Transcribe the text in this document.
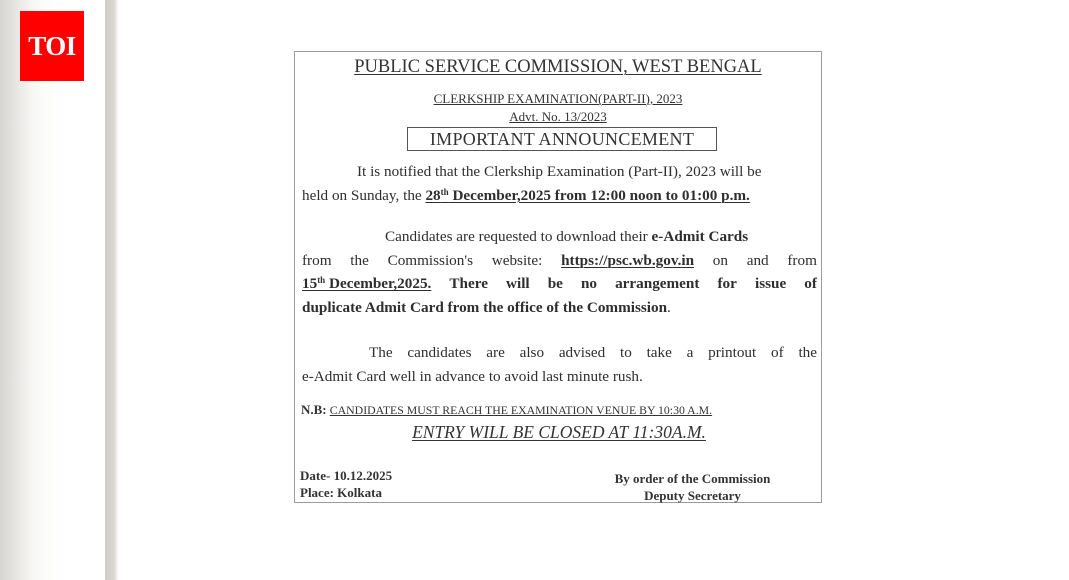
TOI
PUBLIC SERVICE COMMISSION, WEST BENGAL
CLERKSHIP EXAMINATION(PART-II), 2023
Advt. No. 13/2023
IMPORTANT ANNOUNCEMENT
It is notified that the Clerkship Examination (Part-II), 2023 will be
held on Sunday, the 28th December,2025 from 12:00 noon to 01:00 p.m.
Candidates are requested to download their e-Admit Cards
from the Commission's website: https://psc.wb.gov.in on and from
15th December,2025. There will be no arrangement for issue of
duplicate Admit Card from the office of the Commission.
The candidates are also advised to take a printout of the
e-Admit Card well in advance to avoid last minute rush.
N.B: CANDIDATES MUST REACH THE EXAMINATION VENUE BY 10:30 A.M.
ENTRY WILL BE CLOSED AT 11:30A.M.
Date- 10.12.2025
Place: Kolkata
By order of the Commission
Deputy Secretary
